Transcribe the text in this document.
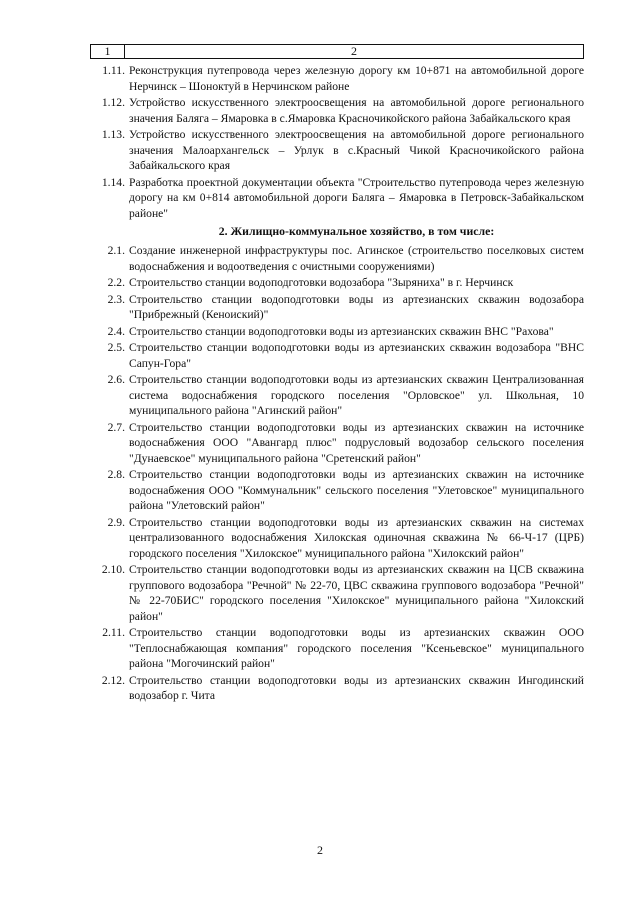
1	2
1.11. Реконструкция путепровода через железную дорогу км 10+871 на автомобильной дороге Нерчинск – Шоноктуй в Нерчинском районе
1.12. Устройство искусственного электроосвещения на автомобильной дороге регионального значения Баляга – Ямаровка в с.Ямаровка Красночикойского района Забайкальского края
1.13. Устройство искусственного электроосвещения на автомобильной дороге регионального значения Малоархангельск – Урлук в с.Красный Чикой Красночикойского района Забайкальского края
1.14. Разработка проектной документации объекта "Строительство путепровода через железную дорогу на км 0+814 автомобильной дороги Баляга – Ямаровка в Петровск-Забайкальском районе"
2. Жилищно-коммунальное хозяйство, в том числе:
2.1. Создание инженерной инфраструктуры пос. Агинское (строительство поселковых систем водоснабжения и водоотведения с очистными сооружениями)
2.2. Строительство станции водоподготовки водозабора "Зыряниха" в г. Нерчинск
2.3. Строительство станции водоподготовки воды из артезианских скважин водозабора "Прибрежный (Кеноиский)"
2.4. Строительство станции водоподготовки воды из артезианских скважин ВНС "Рахова"
2.5. Строительство станции водоподготовки воды из артезианских скважин водозабора "ВНС Сапун-Гора"
2.6. Строительство станции водоподготовки воды из артезианских скважин Централизованная система водоснабжения городского поселения "Орловское" ул. Школьная, 10 муниципального района "Агинский район"
2.7. Строительство станции водоподготовки воды из артезианских скважин на источнике водоснабжения ООО "Авангард плюс" подрусловый водозабор сельского поселения "Дунаевское" муниципального района "Сретенский район"
2.8. Строительство станции водоподготовки воды из артезианских скважин на источнике водоснабжения ООО "Коммунальник" сельского поселения "Улетовское" муниципального района "Улетовский район"
2.9. Строительство станции водоподготовки воды из артезианских скважин на системах централизованного водоснабжения Хилокская одиночная скважина № 66-Ч-17 (ЦРБ) городского поселения "Хилокское" муниципального района "Хилокский район"
2.10. Строительство станции водоподготовки воды из артезианских скважин на ЦСВ скважина группового водозабора "Речной" № 22-70, ЦВС скважина группового водозабора "Речной" № 22-70БИС" городского поселения "Хилокское" муниципального района "Хилокский район"
2.11. Строительство станции водоподготовки воды из артезианских скважин ООО "Теплоснабжающая компания" городского поселения "Ксеньевское" муниципального района "Могочинский район"
2.12. Строительство станции водоподготовки воды из артезианских скважин Ингодинский водозабор г. Чита
2
